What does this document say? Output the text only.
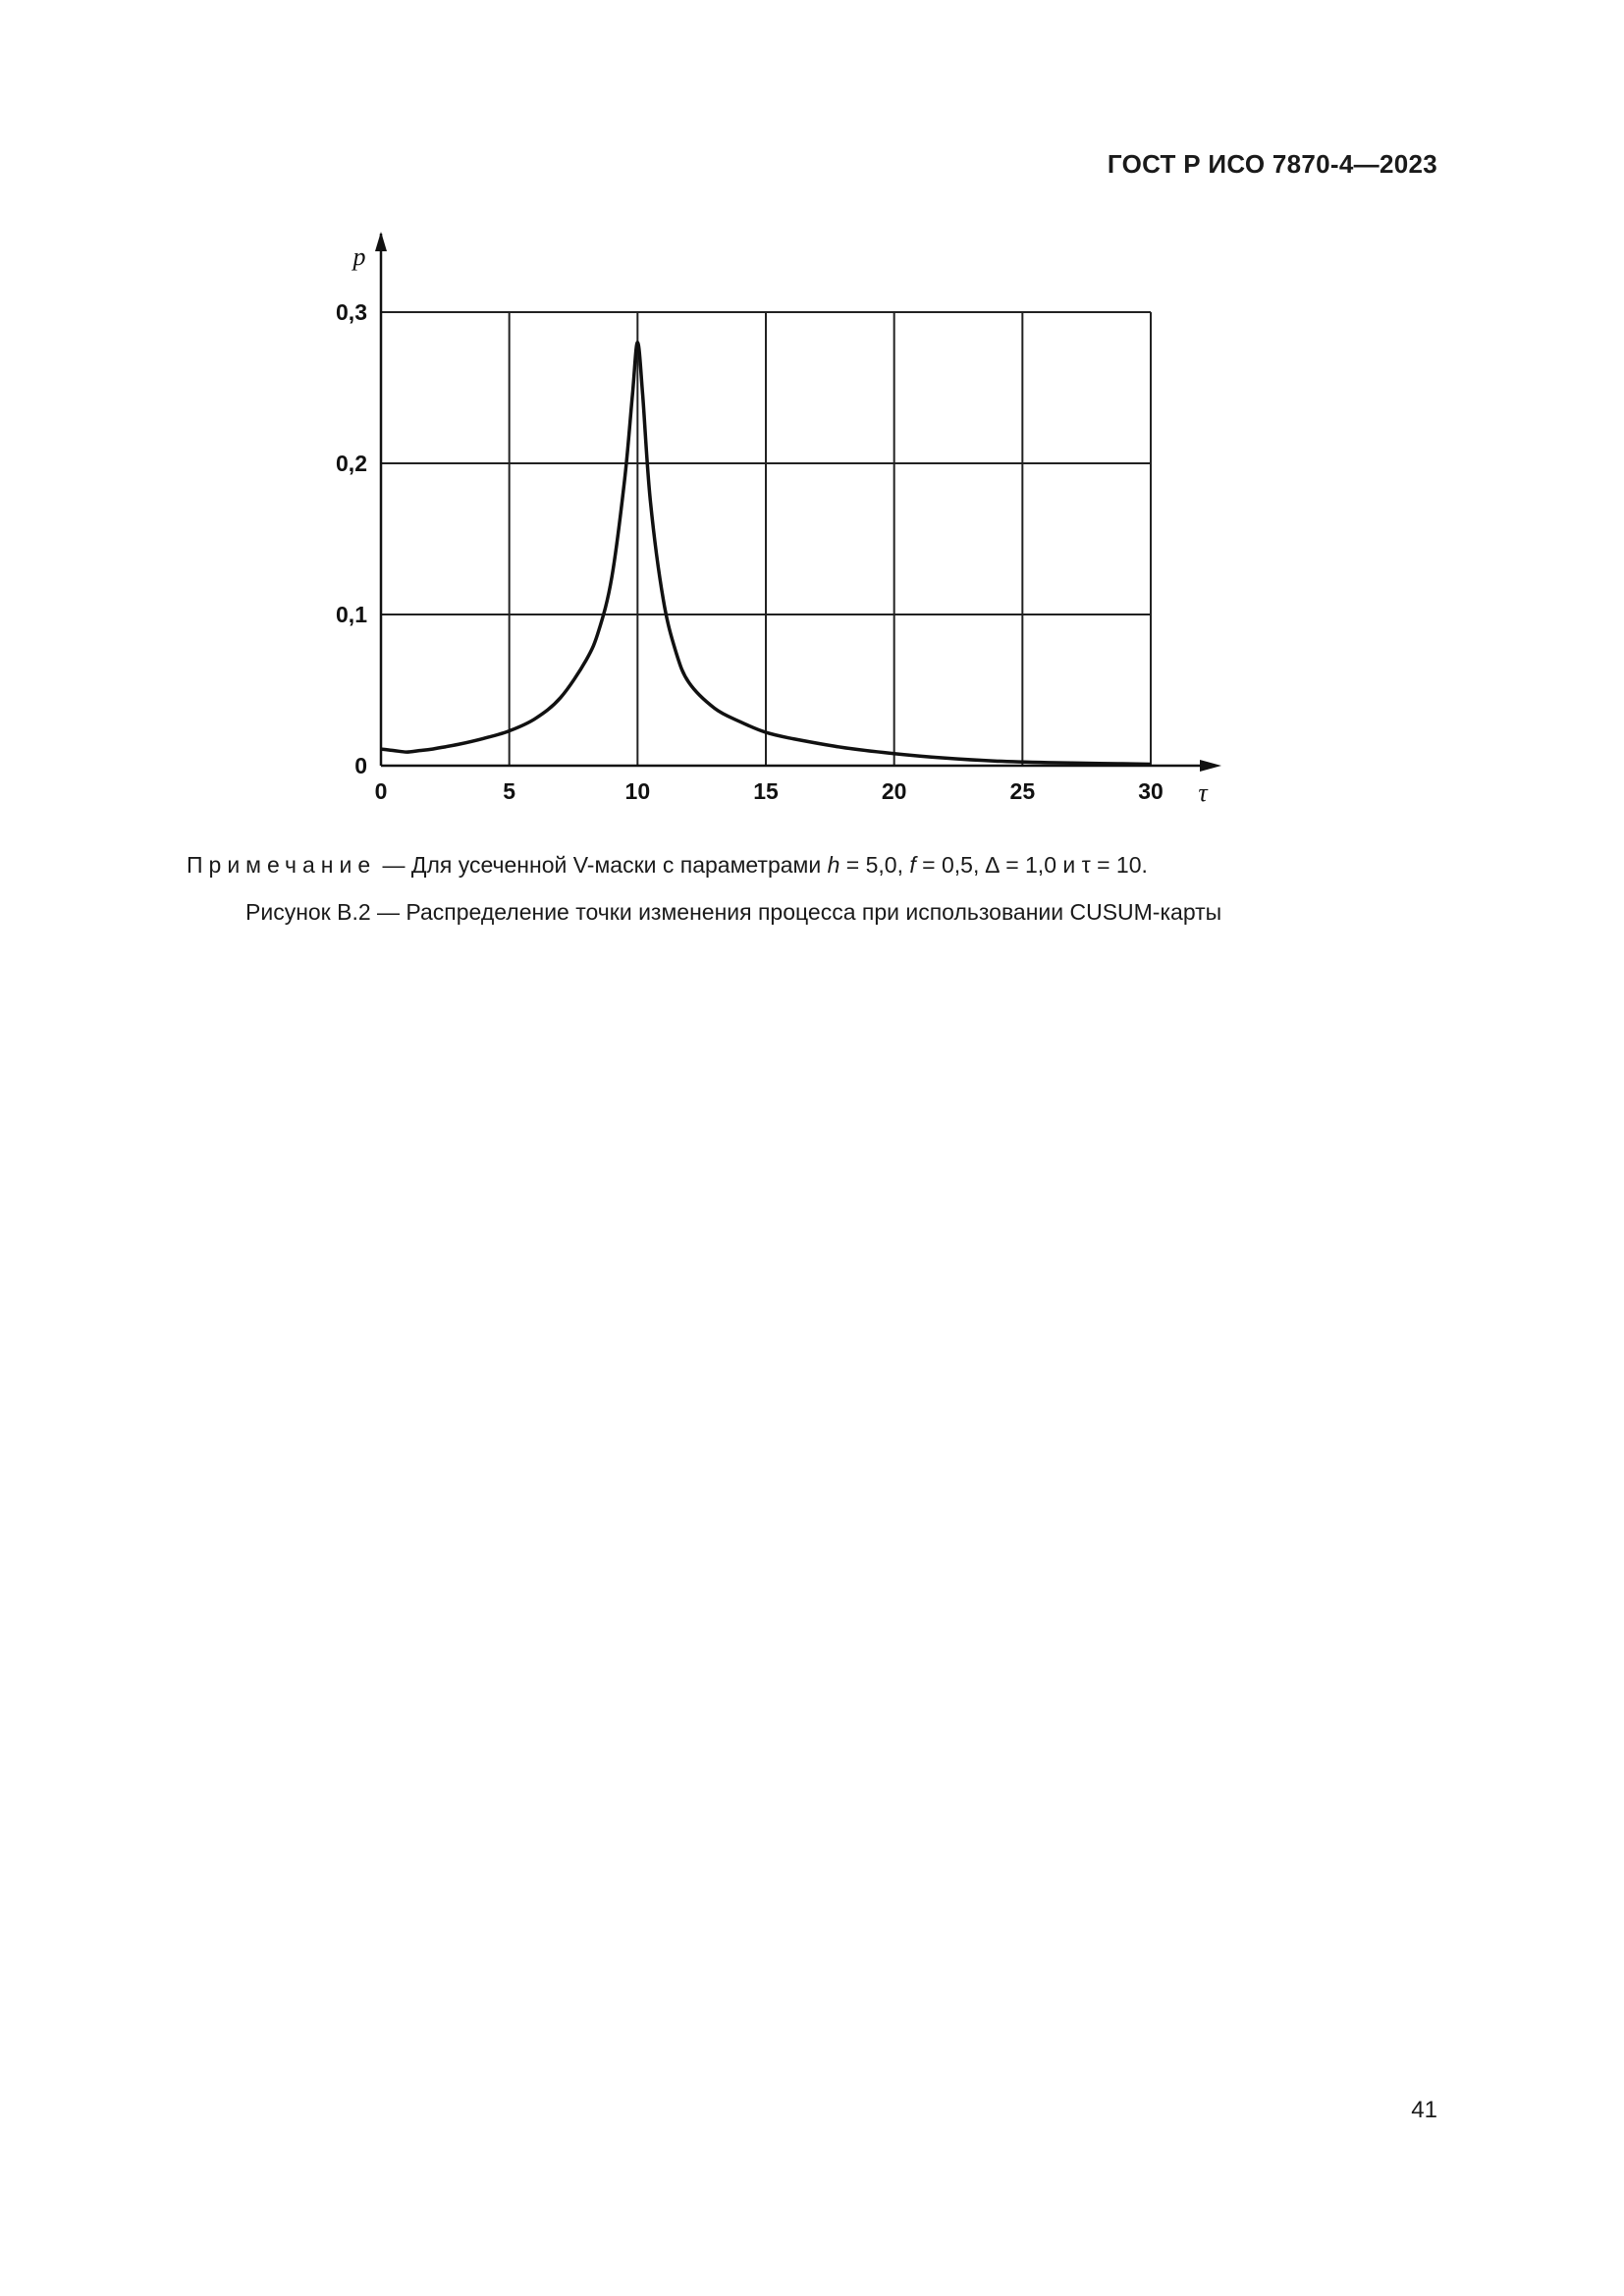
ГОСТ Р ИСО 7870-4—2023
0	5	10	15	20	25	30
0
0,1
0,2
0,3
p
τ
Примечание — Для усеченной V-маски с параметрами h = 5,0, f = 0,5, ∆ = 1,0 и τ = 10.
Рисунок В.2 — Распределение точки изменения процесса при использовании CUSUM-карты
41
